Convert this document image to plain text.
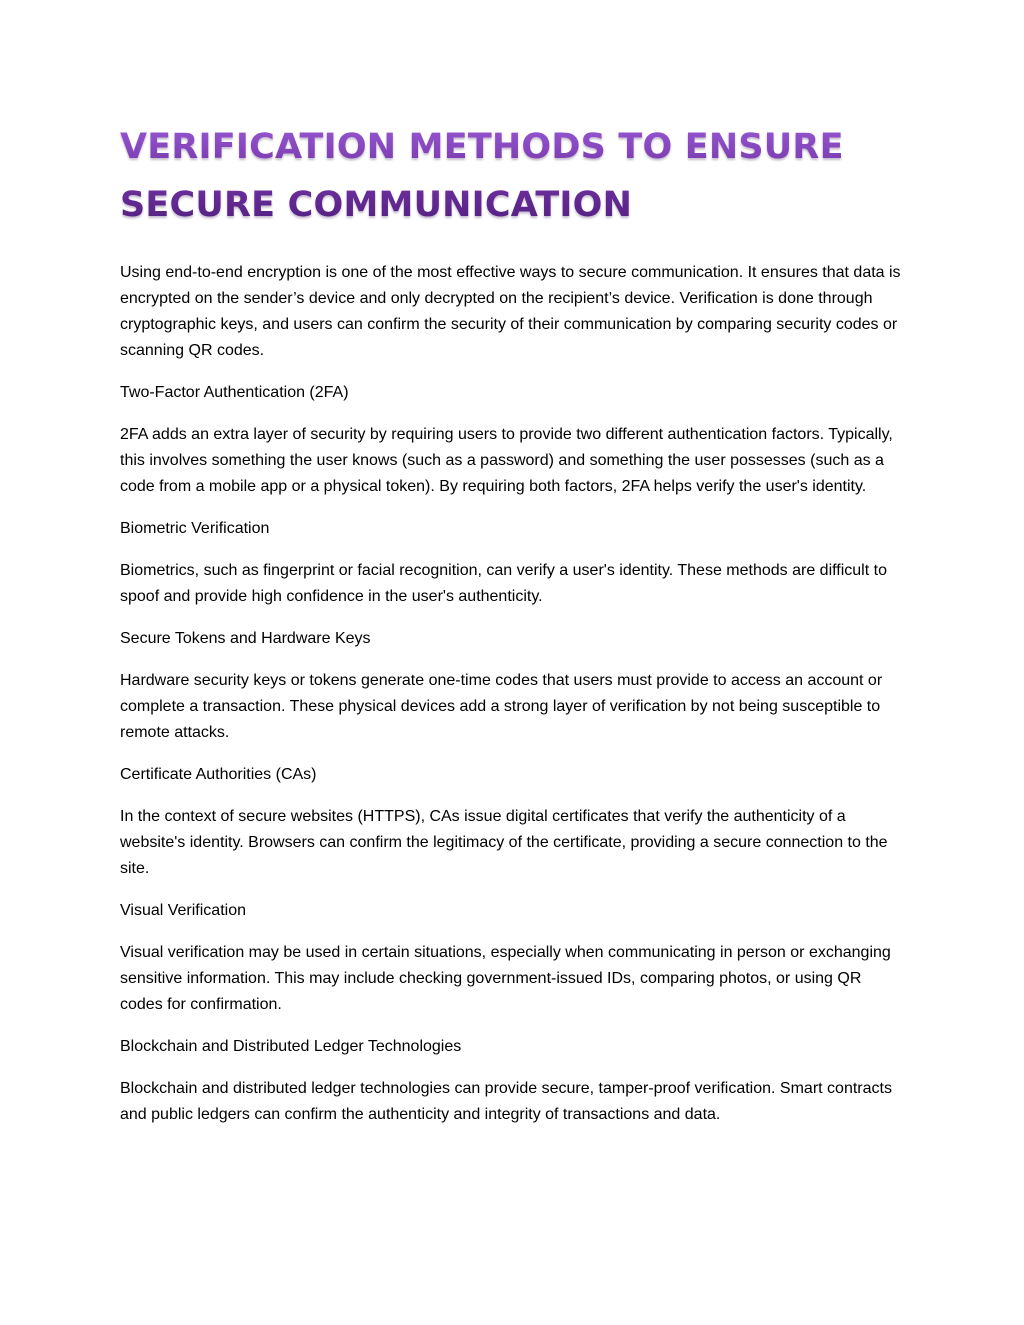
VERIFICATION METHODS TO ENSURE SECURE COMMUNICATION

Using end-to-end encryption is one of the most effective ways to secure communication. It ensures that data is encrypted on the sender’s device and only decrypted on the recipient’s device. Verification is done through cryptographic keys, and users can confirm the security of their communication by comparing security codes or scanning QR codes.

Two-Factor Authentication (2FA)

2FA adds an extra layer of security by requiring users to provide two different authentication factors. Typically, this involves something the user knows (such as a password) and something the user possesses (such as a code from a mobile app or a physical token). By requiring both factors, 2FA helps verify the user's identity.

Biometric Verification

Biometrics, such as fingerprint or facial recognition, can verify a user's identity. These methods are difficult to spoof and provide high confidence in the user's authenticity.

Secure Tokens and Hardware Keys

Hardware security keys or tokens generate one-time codes that users must provide to access an account or complete a transaction. These physical devices add a strong layer of verification by not being susceptible to remote attacks.

Certificate Authorities (CAs)

In the context of secure websites (HTTPS), CAs issue digital certificates that verify the authenticity of a website's identity. Browsers can confirm the legitimacy of the certificate, providing a secure connection to the site.

Visual Verification

Visual verification may be used in certain situations, especially when communicating in person or exchanging sensitive information. This may include checking government-issued IDs, comparing photos, or using QR codes for confirmation.

Blockchain and Distributed Ledger Technologies

Blockchain and distributed ledger technologies can provide secure, tamper-proof verification. Smart contracts and public ledgers can confirm the authenticity and integrity of transactions and data.
